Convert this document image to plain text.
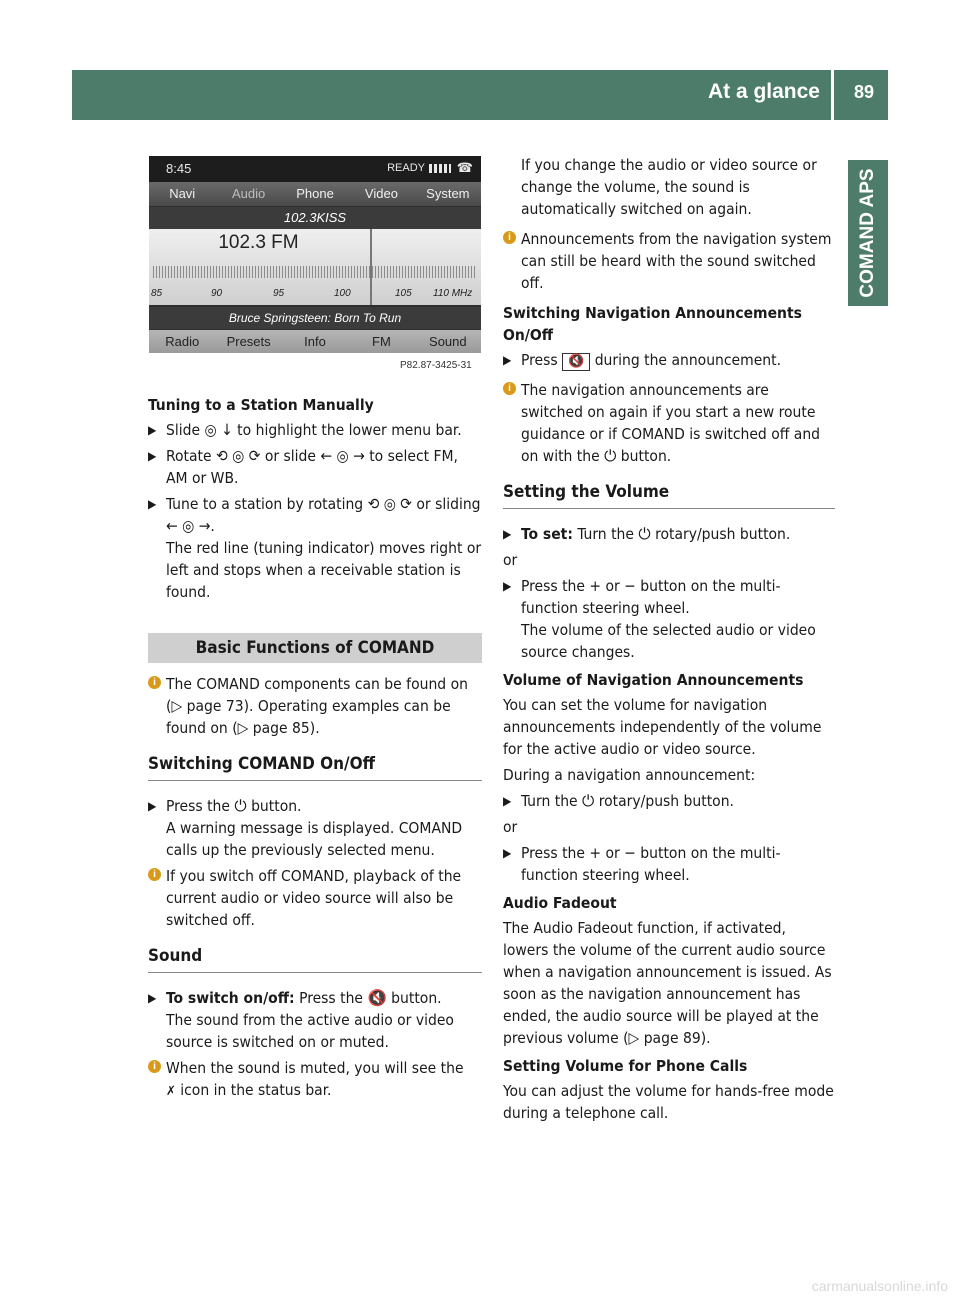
At a glance 89
COMAND APS
8:45	READY ☎
Navi	Audio	Phone	Video	System
102.3KISS
102.3 FM
85	90	95	100	105 110 MHz
Bruce Springsteen: Born To Run
Radio	Presets	Info	FM	Sound
P82.87-3425-31
Tuning to a Station Manually
▶ Slide ◎ ↓ to highlight the lower menu bar.
▶ Rotate ⟲ ◎ ⟳ or slide ← ◎ → to select FM, AM or WB.
▶ Tune to a station by rotating ⟲ ◎ ⟳ or sliding ← ◎ →.
The red line (tuning indicator) moves right or left and stops when a receivable station is found.
Basic Functions of COMAND
i The COMAND components can be found on (▷ page 73). Operating examples can be found on (▷ page 85).
Switching COMAND On/Off
▶ Press the ⏻ button.
A warning message is displayed. COMAND calls up the previously selected menu.
i If you switch off COMAND, playback of the current audio or video source will also be switched off.
Sound
▶ To switch on/off: Press the 🔇 button.
The sound from the active audio or video source is switched on or muted.
i When the sound is muted, you will see the
✗ icon in the status bar.
If you change the audio or video source or change the volume, the sound is automatically switched on again.
i Announcements from the navigation system can still be heard with the sound switched off.
Switching Navigation Announcements On/Off
▶ Press 🔇 during the announcement.
i The navigation announcements are switched on again if you start a new route guidance or if COMAND is switched off and on with the ⏻ button.
Setting the Volume
▶ To set: Turn the ⏻ rotary/push button.
or
▶ Press the + or − button on the multi-function steering wheel.
The volume of the selected audio or video source changes.
Volume of Navigation Announcements
You can set the volume for navigation announcements independently of the volume for the active audio or video source.
During a navigation announcement:
▶ Turn the ⏻ rotary/push button.
or
▶ Press the + or − button on the multi-function steering wheel.
Audio Fadeout
The Audio Fadeout function, if activated, lowers the volume of the current audio source when a navigation announcement is issued. As soon as the navigation announcement has ended, the audio source will be played at the previous volume (▷ page 89).
Setting Volume for Phone Calls
You can adjust the volume for hands-free mode during a telephone call.
carmanualsonline.info
